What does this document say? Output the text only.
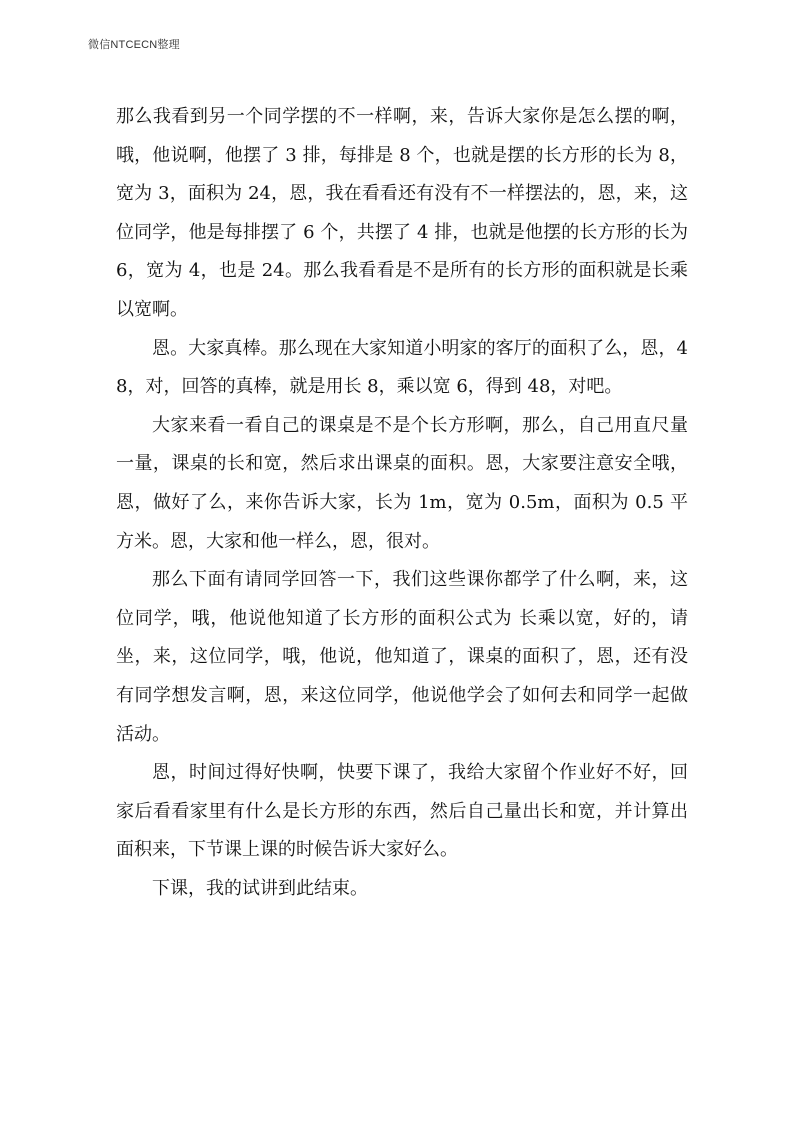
微信NTCECN整理

那么我看到另一个同学摆的不一样啊，来，告诉大家你是怎么摆的啊，哦，他说啊，他摆了 3 排，每排是 8 个，也就是摆的长方形的长为 8，宽为 3，面积为 24，恩，我在看看还有没有不一样摆法的，恩，来，这位同学，他是每排摆了 6 个，共摆了 4 排，也就是他摆的长方形的长为 6，宽为 4，也是 24。那么我看看是不是所有的长方形的面积就是长乘以宽啊。

恩。大家真棒。那么现在大家知道小明家的客厅的面积了么，恩，48，对，回答的真棒，就是用长 8，乘以宽 6，得到 48，对吧。

大家来看一看自己的课桌是不是个长方形啊，那么，自己用直尺量一量，课桌的长和宽，然后求出课桌的面积。恩，大家要注意安全哦，恩，做好了么，来你告诉大家，长为 1m，宽为 0.5m，面积为 0.5 平方米。恩，大家和他一样么，恩，很对。

那么下面有请同学回答一下，我们这些课你都学了什么啊，来，这位同学，哦，他说他知道了长方形的面积公式为 长乘以宽，好的，请坐，来，这位同学，哦，他说，他知道了，课桌的面积了，恩，还有没有同学想发言啊，恩，来这位同学，他说他学会了如何去和同学一起做活动。

恩，时间过得好快啊，快要下课了，我给大家留个作业好不好，回家后看看家里有什么是长方形的东西，然后自己量出长和宽，并计算出面积来，下节课上课的时候告诉大家好么。

下课，我的试讲到此结束。
